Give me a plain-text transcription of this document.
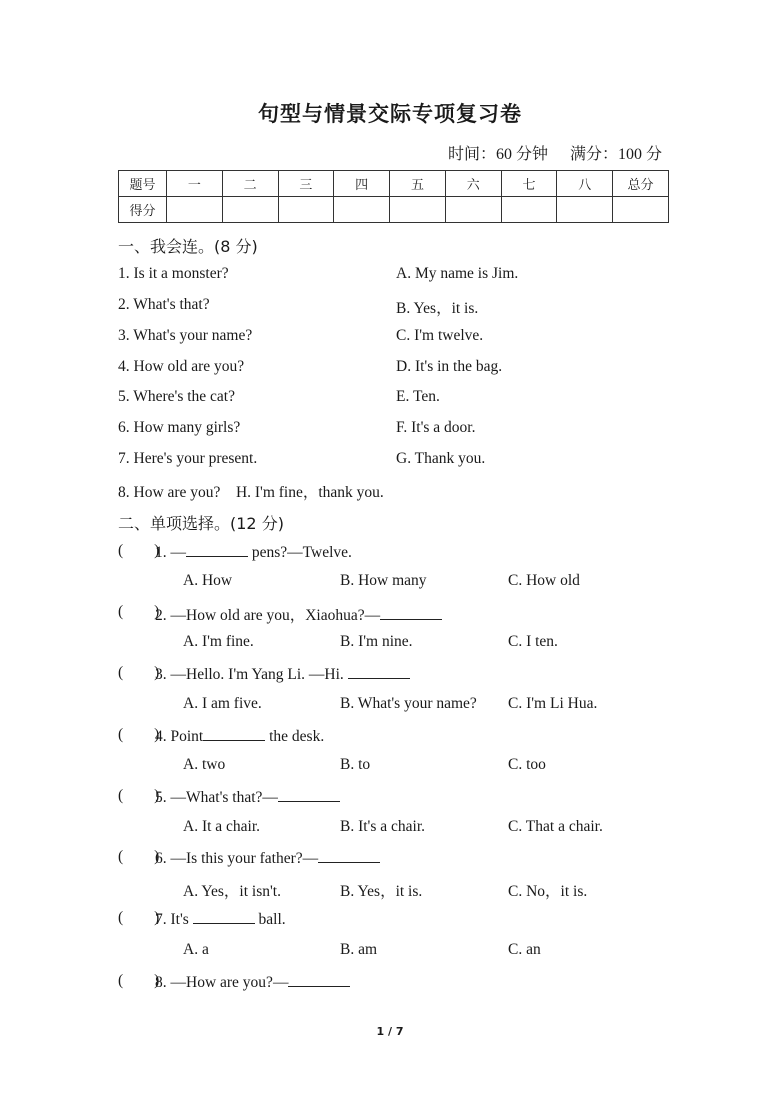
句型与情景交际专项复习卷
时间：60 分钟 满分：100 分
题号	一	二	三	四	五	六	七	八	总分
得分									
一、我会连。(8 分)
1. Is it a monster?	A. My name is Jim.
2. What's that?	B. Yes，it is.
3. What's your name?	C. I'm twelve.
4. How old are you?	D. It's in the bag.
5. Where's the cat?	E. Ten.
6. How many girls?	F. It's a door.
7. Here's your present.	G. Thank you.
8. How are you?    H. I'm fine，thank you.
二、单项选择。(12 分)
(        )
1. —	pens?—Twelve.
A. How	B. How many	C. How old
(        )
2. —How old are you，Xiaohua?—
A. I'm fine.	B. I'm nine.	C. I ten.
(        )
3. —Hello. I'm Yang Li. —Hi.
A. I am five.	B. What's your name? C. I'm Li Hua.
(        )
4. Point	the desk.
A. two	B. to	C. too
(        )
5. —What's that?—
A. It a chair.	B. It's a chair.	C. That a chair.
(        )
6. —Is this your father?—
A. Yes，it isn't.	B. Yes，it is.	C. No，it is.
(        )
7. It's	ball.
A. a	B. am	C. an
(        )
8. —How are you?—
1 / 7
